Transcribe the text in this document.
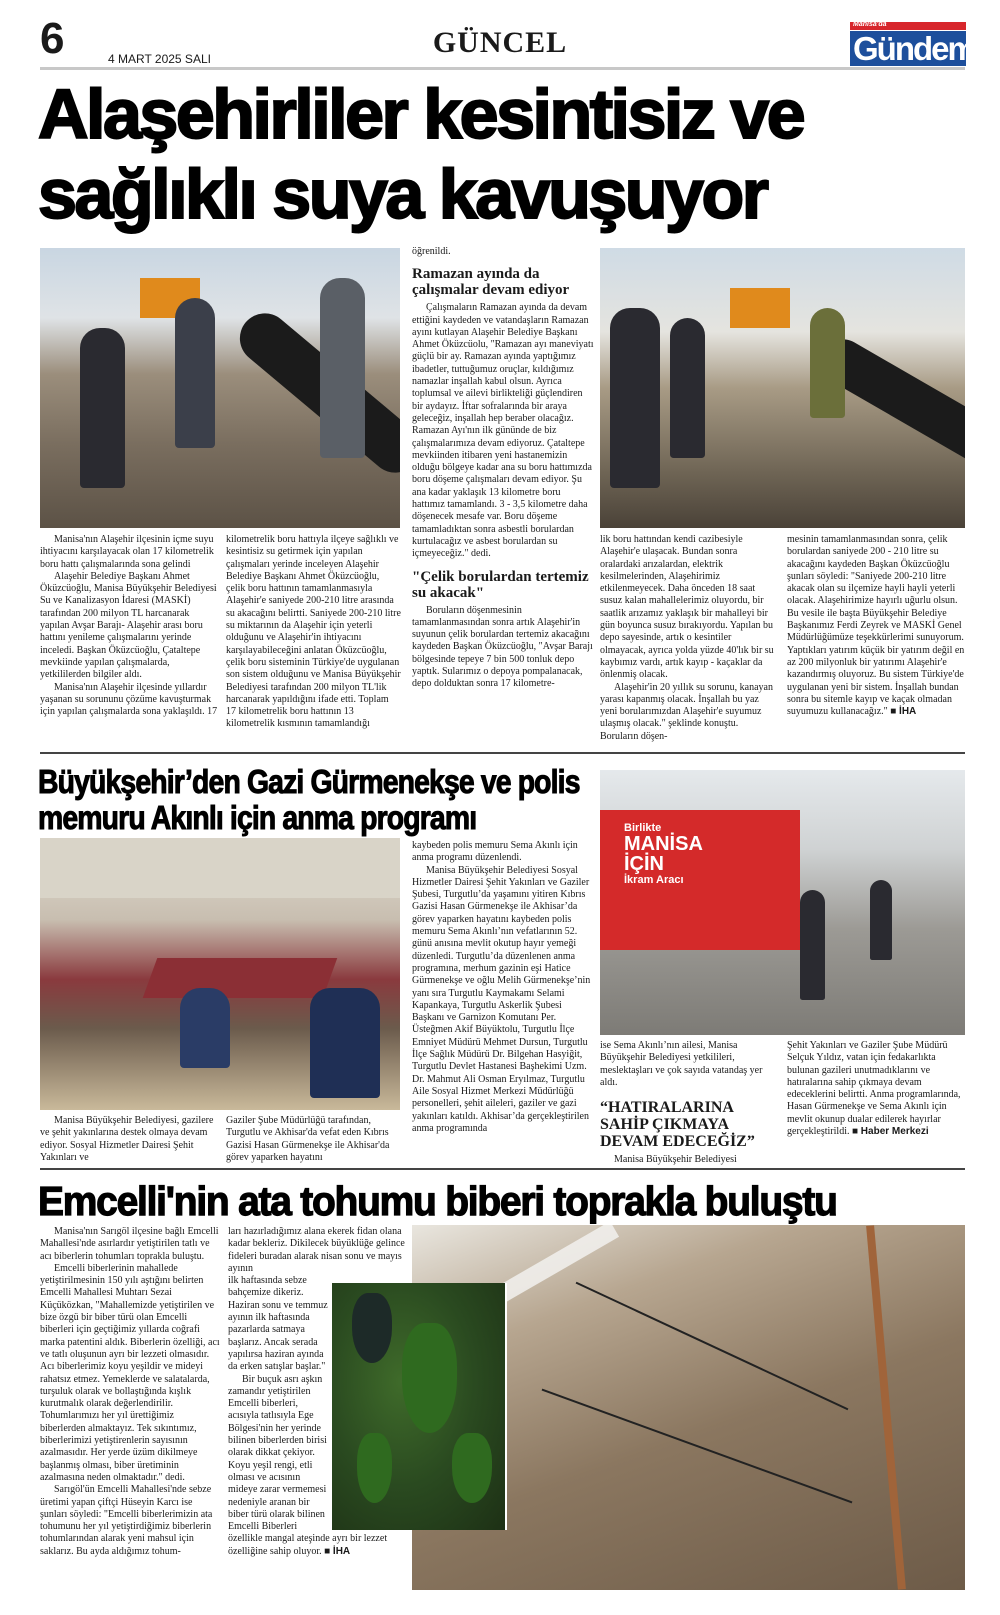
6	4 MART 2025 SALI	GÜNCEL
Manisa'da
Gündem
Alaşehirliler kesintisiz ve sağlıklı suya kavuşuyor

Manisa'nın Alaşehir ilçesinin içme suyu ihtiyacını karşılayacak olan 17 kilometrelik boru hattı çalışmalarında sona gelindi

Alaşehir Belediye Başkanı Ahmet Öküzcüoğlu, Manisa Büyükşehir Belediyesi Su ve Kanalizasyon İdaresi (MASKİ) tarafından 200 milyon TL harcanarak yapılan Avşar Barajı- Alaşehir arası boru hattını yenileme çalışmalarını yerinde inceledi. Başkan Öküzcüoğlu, Çataltepe mevkiinde yapılan çalışmalarda, yetkililerden bilgiler aldı.

Manisa'nın Alaşehir ilçesinde yıllardır yaşanan su sorununu çözüme kavuşturmak için yapılan çalışmalarda sona yaklaşıldı. 17

kilometrelik boru hattıyla ilçeye sağlıklı ve kesintisiz su getirmek için yapılan çalışmaları yerinde inceleyen Alaşehir Belediye Başkanı Ahmet Öküzcüoğlu, çelik boru hattının tamamlanmasıyla Alaşehir'e saniyede 200-210 litre arasında su akacağını belirtti. Saniyede 200-210 litre su miktarının da Alaşehir için yeterli olduğunu ve Alaşehir'in ihtiyacını karşılayabileceğini anlatan Öküzcüoğlu, çelik boru sisteminin Türkiye'de uygulanan son sistem olduğunu ve Manisa Büyükşehir Belediyesi tarafından 200 milyon TL'lik harcanarak yapıldığını ifade etti. Toplam 17 kilometrelik boru hattının 13 kilometrelik kısmının tamamlandığı

öğrenildi.

Ramazan ayında da çalışmalar devam ediyor

Çalışmaların Ramazan ayında da devam ettiğini kaydeden ve vatandaşların Ramazan ayını kutlayan Alaşehir Belediye Başkanı Ahmet Öküzcüolu, "Ramazan ayı maneviyatı güçlü bir ay. Ramazan ayında yaptığımız ibadetler, tuttuğumuz oruçlar, kıldığımız namazlar inşallah kabul olsun. Ayrıca toplumsal ve ailevi birlikteliği güçlendiren bir aydayız. İftar sofralarında bir araya geleceğiz, inşallah hep beraber olacağız. Ramazan Ayı'nın ilk gününde de biz çalışmalarımıza devam ediyoruz. Çataltepe mevkiinden itibaren yeni hastanemizin olduğu bölgeye kadar ana su boru hattımızda boru döşeme çalışmaları devam ediyor. Şu ana kadar yaklaşık 13 kilometre boru hattımız tamamlandı. 3 - 3,5 kilometre daha döşenecek mesafe var. Boru döşeme tamamladıktan sonra asbestli borulardan kurtulacağız ve asbest borulardan su içmeyeceğiz." dedi.

"Çelik borulardan tertemiz su akacak"

Boruların döşenmesinin tamamlanmasından sonra artık Alaşehir'in suyunun çelik borulardan tertemiz akacağını kaydeden Başkan Öküzcüoğlu, "Avşar Barajı bölgesinde tepeye 7 bin 500 tonluk depo yaptık. Sularımız o depoya pompalanacak, depo dolduktan sonra 17 kilometre-

lik boru hattından kendi cazibesiyle Alaşehir'e ulaşacak. Bundan sonra oralardaki arızalardan, elektrik kesilmelerinden, Alaşehirimiz etkilenmeyecek. Daha önceden 18 saat susuz kalan mahallelerimiz oluyordu, bir saatlik arızamız yaklaşık bir mahalleyi bir gün boyunca susuz bırakıyordu. Yapılan bu depo sayesinde, artık o kesintiler olmayacak, ayrıca yolda yüzde 40'lık bir su kaybımız vardı, artık kayıp - kaçaklar da önlenmiş olacak.

Alaşehir'in 20 yıllık su sorunu, kanayan yarası kapanmış olacak. İnşallah bu yaz yeni borularımızdan Alaşehir'e suyumuz ulaşmış olacak." şeklinde konuştu. Boruların döşen-

mesinin tamamlanmasından sonra, çelik borulardan saniyede 200 - 210 litre su akacağını kaydeden Başkan Öküzcüoğlu şunları söyledi: "Saniyede 200-210 litre akacak olan su ilçemize hayli hayli yeterli olacak. Alaşehirimize hayırlı uğurlu olsun. Bu vesile ile başta Büyükşehir Belediye Başkanımız Ferdi Zeyrek ve MASKİ Genel Müdürlüğümüze teşekkürlerimi sunuyorum. Yaptıkları yatırım küçük bir yatırım değil en az 200 milyonluk bir yatırımı Alaşehir'e kazandırmış oluyoruz. Bu sistem Türkiye'de uygulanan yeni bir sistem. İnşallah bundan sonra bu sitemle kayıp ve kaçak olmadan suyumuzu kullanacağız." ■ İHA

Birlikte
MANİSA
İÇİN
İkram Aracı
Büyükşehir’den Gazi Gürmenekşe ve polis memuru Akınlı için anma programı

Manisa Büyükşehir Belediyesi, gazilere ve şehit yakınlarına destek olmaya devam ediyor. Sosyal Hizmetler Dairesi Şehit Yakınları ve

Gaziler Şube Müdürlüğü tarafından, Turgutlu ve Akhisar'da vefat eden Kıbrıs Gazisi Hasan Gürmenekşe ile Akhisar'da görev yaparken hayatını

kaybeden polis memuru Sema Akınlı için anma programı düzenlendi.

Manisa Büyükşehir Belediyesi Sosyal Hizmetler Dairesi Şehit Yakınları ve Gaziler Şubesi, Turgutlu’da yaşamını yitiren Kıbrıs Gazisi Hasan Gürmenekşe ile Akhisar’da görev yaparken hayatını kaybeden polis memuru Sema Akınlı’nın vefatlarının 52. günü anısına mevlit okutup hayır yemeği düzenledi. Turgutlu’da düzenlenen anma programına, merhum gazinin eşi Hatice Gürmenekşe ve oğlu Melih Gürmenekşe’nin yanı sıra Turgutlu Kaymakamı Selami Kapankaya, Turgutlu Askerlik Şubesi Başkanı ve Garnizon Komutanı Per. Üsteğmen Akif Büyüktolu, Turgutlu İlçe Emniyet Müdürü Mehmet Dursun, Turgutlu İlçe Sağlık Müdürü Dr. Bilgehan Hasyiğit, Turgutlu Devlet Hastanesi Başhekimi Uzm. Dr. Mahmut Ali Osman Eryılmaz, Turgutlu Aile Sosyal Hizmet Merkezi Müdürlüğü personelleri, şehit aileleri, gaziler ve gazi yakınları katıldı. Akhisar’da gerçekleştirilen anma programında

ise Sema Akınlı’nın ailesi, Manisa Büyükşehir Belediyesi yetkilileri, meslektaşları ve çok sayıda vatandaş yer aldı.

“HATIRALARINA SAHİP ÇIKMAYA DEVAM EDECEĞİZ”

Manisa Büyükşehir Belediyesi

Şehit Yakınları ve Gaziler Şube Müdürü Selçuk Yıldız, vatan için fedakarlıkta bulunan gazileri unutmadıklarını ve hatıralarına sahip çıkmaya devam edeceklerini belirtti. Anma programlarında, Hasan Gürmenekşe ve Sema Akınlı için mevlit okunup dualar edilerek hayırlar gerçekleştirildi. ■ Haber Merkezi

Emcelli'nin ata tohumu biberi toprakla buluştu

Manisa'nın Sarıgöl ilçesine bağlı Emcelli Mahallesi'nde asırlardır yetiştirilen tatlı ve acı biberlerin tohumları toprakla buluştu.

Emcelli biberlerinin mahallede yetiştirilmesinin 150 yılı aştığını belirten Emcelli Mahallesi Muhtarı Sezai Küçüközkan, "Mahallemizde yetiştirilen ve bize özgü bir biber türü olan Emcelli biberleri için geçtiğimiz yıllarda coğrafi marka patentini aldık. Biberlerin özelliği, acı ve tatlı oluşunun ayrı bir lezzeti olmasıdır. Acı biberlerimiz koyu yeşildir ve mideyi rahatsız etmez. Yemeklerde ve salatalarda, turşuluk olarak ve bollaştığında kışlık kurutmalık olarak değerlendirilir. Tohumlarımızı her yıl ürettiğimiz biberlerden almaktayız. Tek sıkıntımız, biberlerimizi yetiştirenlerin sayısının azalmasıdır. Her yerde üzüm dikilmeye başlanmış olması, biber üretiminin azalmasına neden olmaktadır." dedi.

Sarıgöl'ün Emcelli Mahallesi'nde sebze üretimi yapan çiftçi Hüseyin Karcı ise şunları söyledi: "Emcelli biberlerimizin ata tohumunu her yıl yetiştirdiğimiz biberlerin tohumlarından alarak yeni mahsul için saklarız. Bu ayda aldığımız tohum-

ları hazırladığımız alana ekerek fidan olana kadar bekleriz. Dikilecek büyüklüğe gelince fideleri buradan alarak nisan sonu ve mayıs ayının

ilk haftasında sebze bahçemize dikeriz. Haziran sonu ve temmuz ayının ilk haftasında pazarlarda satmaya başlarız. Ancak serada yapılırsa haziran ayında da erken satışlar başlar."

Bir buçuk asrı aşkın zamandır yetiştirilen Emcelli biberleri, acısıyla tatlısıyla Ege Bölgesi'nin her yerinde bilinen biberlerden birisi olarak dikkat çekiyor. Koyu yeşil rengi, etli olması ve acısının mideye zarar vermemesi

nedeniyle aranan bir biber türü olarak bilinen Emcelli Biberleri özellikle mangal ateşinde ayrı bir lezzet özelliğine sahip oluyor. ■ İHA
